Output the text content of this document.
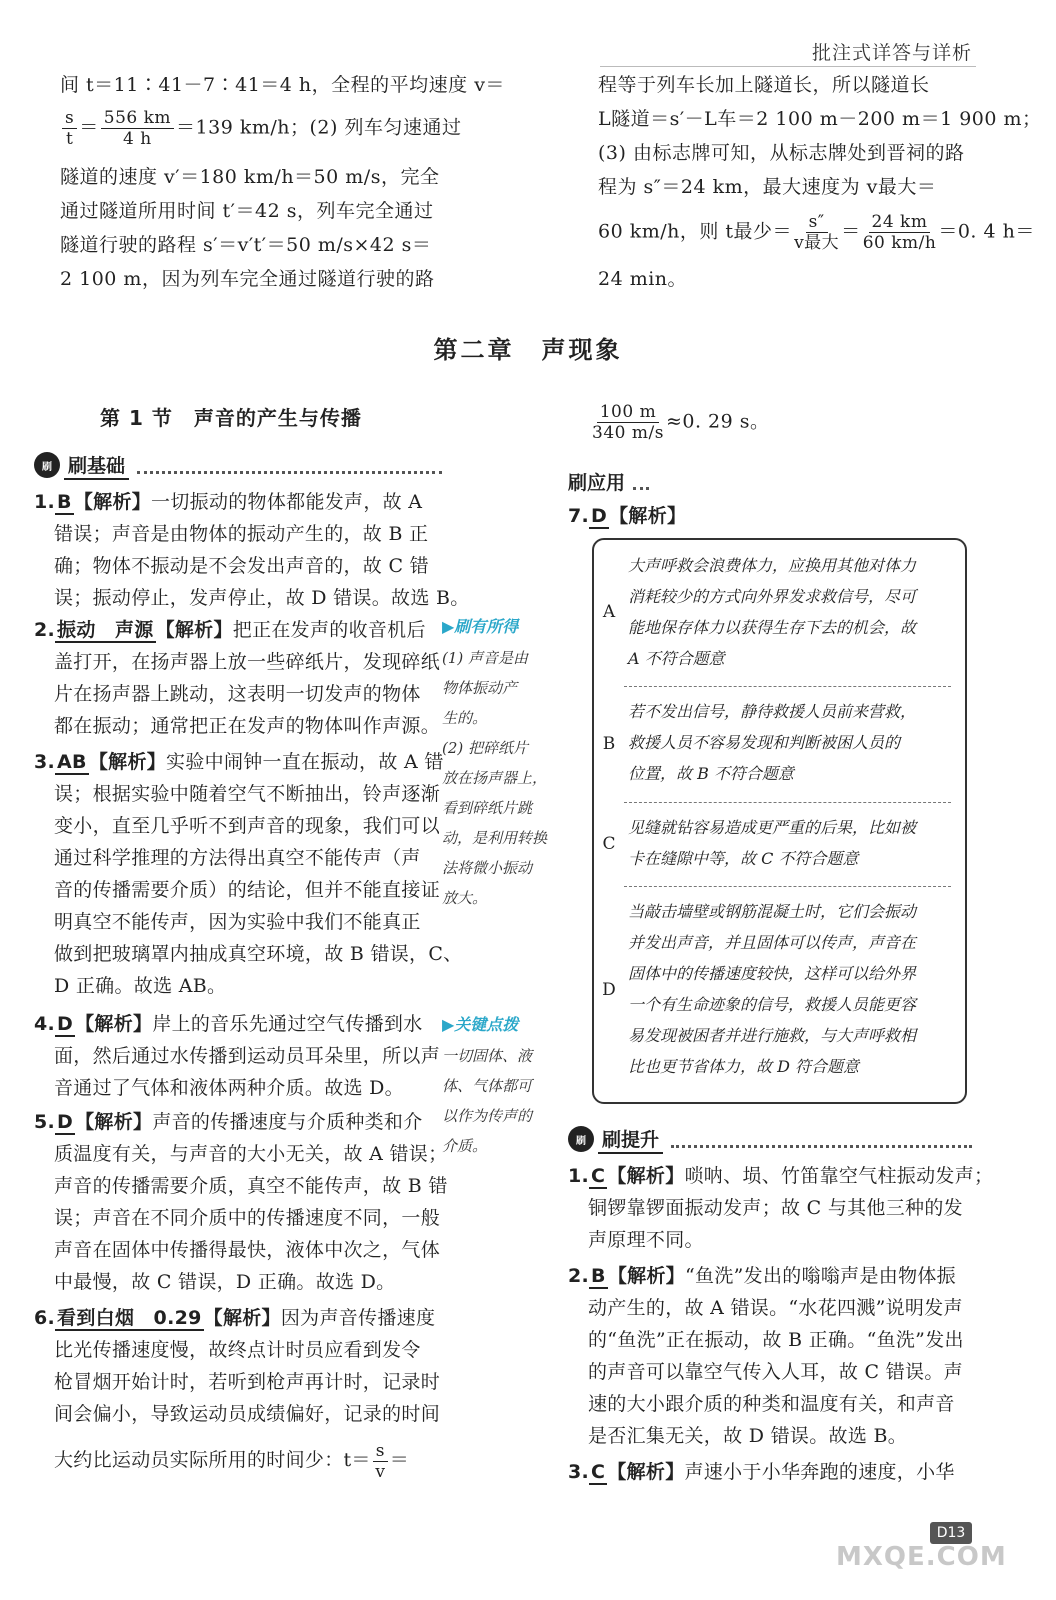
批注式详答与详析
间 t＝11∶41－7∶41＝4 h，全程的平均速度 v＝
$\frac{s}{t} = \frac{556 km}{4 h} =139$ km/h；(2) 列车匀速通过
隧道的速度 v′＝180 km/h＝50 m/s，完全
通过隧道所用时间 t′＝42 s，列车完全通过
隧道行驶的路程 s′＝v′t′＝50 m/s×42 s＝
2 100 m，因为列车完全通过隧道行驶的路
程等于列车长加上隧道长，所以隧道长
L隧道＝s′－L车＝2 100 m－200 m＝1 900 m；
(3) 由标志牌可知，从标志牌处到晋祠的路
程为 s″＝24 km，最大速度为 v最大＝
60 km/h，则 t最少＝ $\frac{s''}{\text{v最大}} = \frac{24 km}{60 km/h} =0$. 4 h＝
24 min。
第二章　声现象
第 1 节　声音的产生与传播
刷 刷基础
1. B 【解析】一切振动的物体都能发声，故 A
错误；声音是由物体的振动产生的，故 B 正
确；物体不振动是不会发出声音的，故 C 错
误；振动停止，发声停止，故 D 错误。故选 B。
2. 振动　声源 【解析】把正在发声的收音机后
盖打开，在扬声器上放一些碎纸片，发现碎纸
片在扬声器上跳动，这表明一切发声的物体
都在振动；通常把正在发声的物体叫作声源。
3. AB 【解析】实验中闹钟一直在振动，故 A 错
误；根据实验中随着空气不断抽出，铃声逐渐
变小，直至几乎听不到声音的现象，我们可以
通过科学推理的方法得出真空不能传声（声
音的传播需要介质）的结论，但并不能直接证
明真空不能传声，因为实验中我们不能真正
做到把玻璃罩内抽成真空环境，故 B 错误，C、
D 正确。故选 AB。
4. D 【解析】岸上的音乐先通过空气传播到水
面，然后通过水传播到运动员耳朵里，所以声
音通过了气体和液体两种介质。故选 D。
5. D 【解析】声音的传播速度与介质种类和介
质温度有关，与声音的大小无关，故 A 错误；
声音的传播需要介质，真空不能传声，故 B 错
误；声音在不同介质中的传播速度不同，一般
声音在固体中传播得最快，液体中次之，气体
中最慢，故 C 错误，D 正确。故选 D。
6. 看到白烟　0.29 【解析】因为声音传播速度
比光传播速度慢，故终点计时员应看到发令
枪冒烟开始计时，若听到枪声再计时，记录时
间会偏小，导致运动员成绩偏好，记录的时间
大约比运动员实际所用的时间少：$t= \frac{s}{v}$ ＝
▶刷有所得
(1) 声音是由
物体振动产
生的。
(2) 把碎纸片
放在扬声器上，
看到碎纸片跳
动，是利用转换
法将微小振动
放大。
▶关键点拨
一切固体、液
体、气体都可
以作为传声的
介质。
$\frac{100 m}{340 m/s} \approx 0$. 29 s。
刷应用
7. D 【解析】
A
大声呼救会浪费体力，应换用其他对体力
消耗较少的方式向外界发求救信号，尽可
能地保存体力以获得生存下去的机会，故
A 不符合题意
B
若不发出信号，静待救援人员前来营救，
救援人员不容易发现和判断被困人员的
位置，故 B 不符合题意
C
见缝就钻容易造成更严重的后果，比如被
卡在缝隙中等，故 C 不符合题意
D
当敲击墙壁或钢筋混凝土时，它们会振动
并发出声音，并且固体可以传声，声音在
固体中的传播速度较快，这样可以给外界
一个有生命迹象的信号，救援人员能更容
易发现被困者并进行施救，与大声呼救相
比也更节省体力，故 D 符合题意
刷 刷提升
1. C 【解析】唢呐、埙、竹笛靠空气柱振动发声；
铜锣靠锣面振动发声；故 C 与其他三种的发
声原理不同。
2. B 【解析】“鱼洗”发出的嗡嗡声是由物体振
动产生的，故 A 错误。“水花四溅”说明发声
的“鱼洗”正在振动，故 B 正确。“鱼洗”发出
的声音可以靠空气传入人耳，故 C 错误。声
速的大小跟介质的种类和温度有关，和声音
是否汇集无关，故 D 错误。故选 B。
3. C 【解析】声速小于小华奔跑的速度，小华
D13
MXQE.COM
